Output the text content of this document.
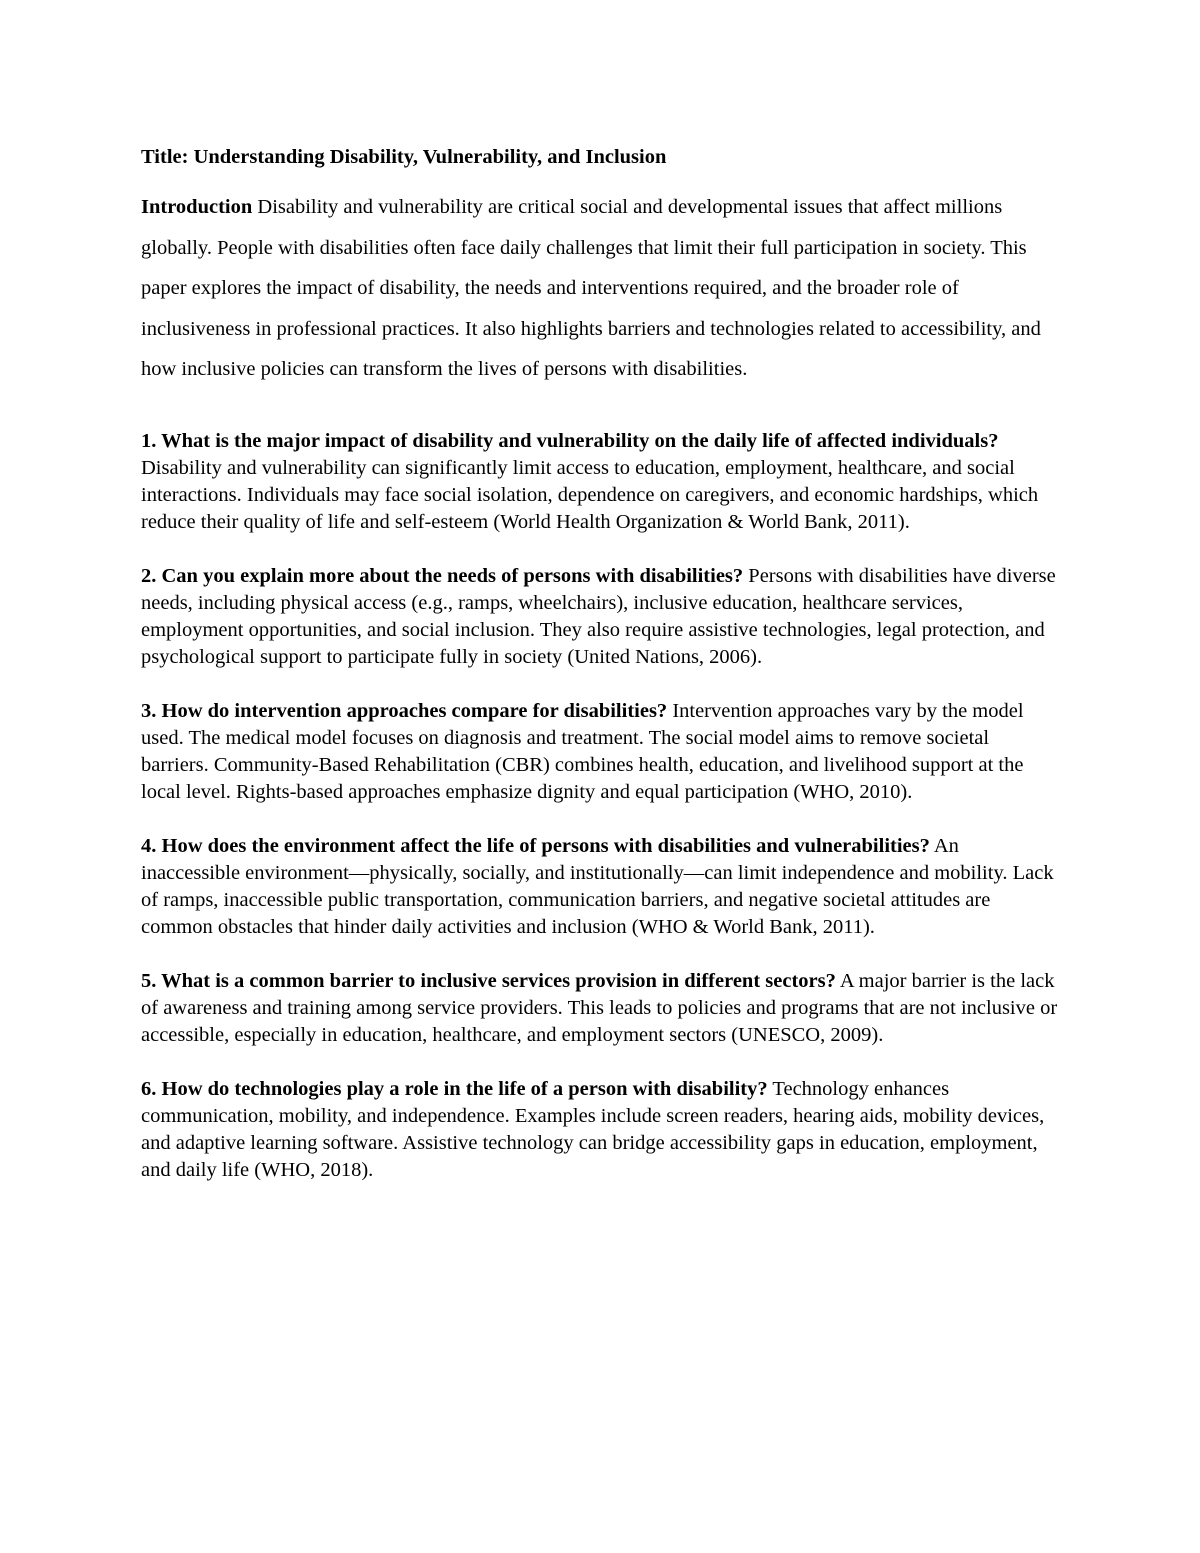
Title: Understanding Disability, Vulnerability, and Inclusion

Introduction Disability and vulnerability are critical social and developmental issues that affect millions globally. People with disabilities often face daily challenges that limit their full participation in society. This paper explores the impact of disability, the needs and interventions required, and the broader role of inclusiveness in professional practices. It also highlights barriers and technologies related to accessibility, and how inclusive policies can transform the lives of persons with disabilities.

1. What is the major impact of disability and vulnerability on the daily life of affected individuals? Disability and vulnerability can significantly limit access to education, employment, healthcare, and social interactions. Individuals may face social isolation, dependence on caregivers, and economic hardships, which reduce their quality of life and self-esteem (World Health Organization & World Bank, 2011).

2. Can you explain more about the needs of persons with disabilities? Persons with disabilities have diverse needs, including physical access (e.g., ramps, wheelchairs), inclusive education, healthcare services, employment opportunities, and social inclusion. They also require assistive technologies, legal protection, and psychological support to participate fully in society (United Nations, 2006).

3. How do intervention approaches compare for disabilities? Intervention approaches vary by the model used. The medical model focuses on diagnosis and treatment. The social model aims to remove societal barriers. Community-Based Rehabilitation (CBR) combines health, education, and livelihood support at the local level. Rights-based approaches emphasize dignity and equal participation (WHO, 2010).

4. How does the environment affect the life of persons with disabilities and vulnerabilities? An inaccessible environment—physically, socially, and institutionally—can limit independence and mobility. Lack of ramps, inaccessible public transportation, communication barriers, and negative societal attitudes are common obstacles that hinder daily activities and inclusion (WHO & World Bank, 2011).

5. What is a common barrier to inclusive services provision in different sectors? A major barrier is the lack of awareness and training among service providers. This leads to policies and programs that are not inclusive or accessible, especially in education, healthcare, and employment sectors (UNESCO, 2009).

6. How do technologies play a role in the life of a person with disability? Technology enhances communication, mobility, and independence. Examples include screen readers, hearing aids, mobility devices, and adaptive learning software. Assistive technology can bridge accessibility gaps in education, employment, and daily life (WHO, 2018).
